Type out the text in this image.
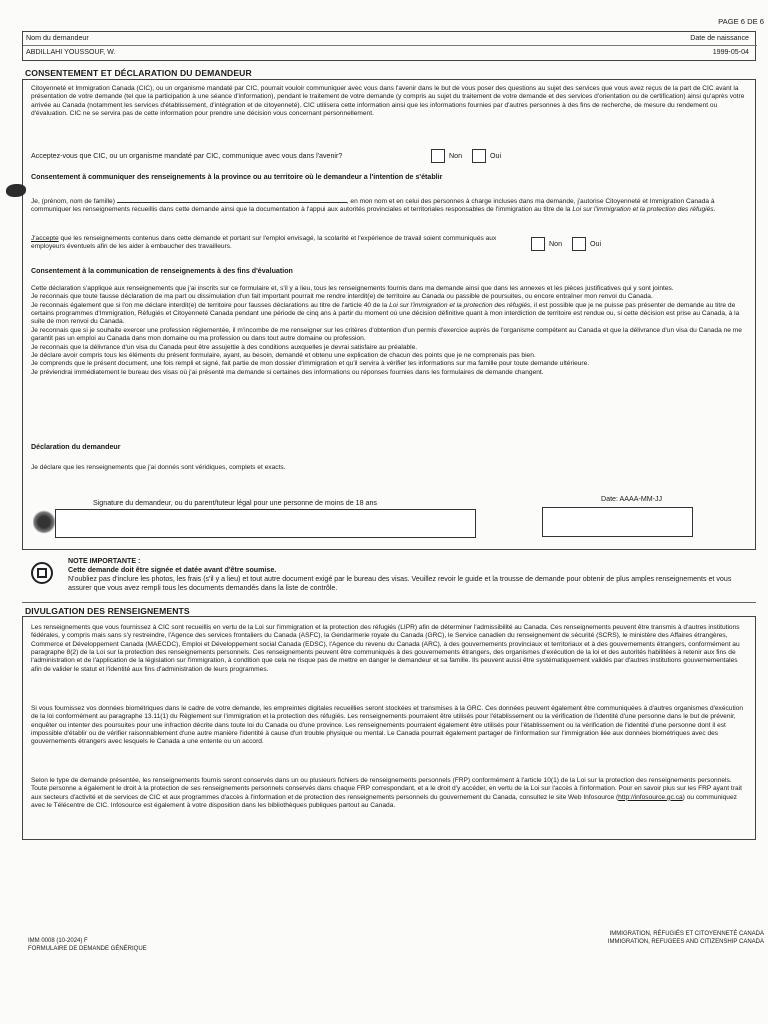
PAGE 6 DE 6
Nom du demandeur
ABDILLAHI YOUSSOUF, W.
Date de naissance
1999-05-04
CONSENTEMENT ET DÉCLARATION DU DEMANDEUR

Citoyenneté et Immigration Canada (CIC), ou un organisme mandaté par CIC, pourrait vouloir communiquer avec vous dans l'avenir dans le but de vous poser des questions au sujet des services que vous avez reçus de la part de CIC avant la présentation de votre demande (tel que la participation à une séance d'information), pendant le traitement de votre demande (y compris au sujet du traitement de votre demande et des services d'orientation ou de certification) ainsi qu'après votre arrivée au Canada (notamment les services d'établissement, d'intégration et de citoyenneté). CIC utilisera cette information ainsi que les informations fournies par d'autres personnes à des fins de recherche, de mesure du rendement ou d'évaluation. CIC ne se servira pas de cette information pour prendre une décision vous concernant personnellement.

Acceptez-vous que CIC, ou un organisme mandaté par CIC, communique avec vous dans l'avenir?	Non	Oui
Consentement à communiquer des renseignements à la province ou au territoire où le demandeur a l'intention de s'établir

Je, (prénom, nom de famille)	, en mon nom et en celui des personnes à charge incluses dans ma demande, j'autorise Citoyenneté et Immigration Canada à communiquer les renseignements recueillis dans cette demande ainsi que la documentation à l'appui aux autorités provinciales et territoriales responsables de l'immigration au titre de la Loi sur l'immigration et la protection des réfugiés.

J'accepte que les renseignements contenus dans cette demande et portant sur l'emploi envisagé, la scolarité et l'expérience de travail soient communiqués aux employeurs éventuels afin de les aider à embaucher des travailleurs.	Non	Oui
Consentement à la communication de renseignements à des fins d'évaluation

Cette déclaration s'applique aux renseignements que j'ai inscrits sur ce formulaire et, s'il y a lieu, tous les renseignements fournis dans ma demande ainsi que dans les annexes et les pièces justificatives qui y sont jointes.

Je reconnais que toute fausse déclaration de ma part ou dissimulation d'un fait important pourrait me rendre interdit(e) de territoire au Canada ou passible de poursuites, ou encore entraîner mon renvoi du Canada.

Je reconnais également que si l'on me déclare interdit(e) de territoire pour fausses déclarations au titre de l'article 40 de la Loi sur l'immigration et la protection des réfugiés, il est possible que je ne puisse pas présenter de demande au titre de certains programmes d'Immigration, Réfugiés et Citoyenneté Canada pendant une période de cinq ans à partir du moment où une décision définitive quant à mon interdiction de territoire est rendue ou, si cette décision est prise au Canada, à la suite de mon renvoi du Canada.

Je reconnais que si je souhaite exercer une profession réglementée, il m'incombe de me renseigner sur les critères d'obtention d'un permis d'exercice auprès de l'organisme compétent au Canada et que la délivrance d'un visa du Canada ne me garantit pas un emploi au Canada dans mon domaine ou ma profession ou dans tout autre domaine ou profession.

Je reconnais que la délivrance d'un visa du Canada peut être assujettie à des conditions auxquelles je devrai satisfaire au préalable.

Je déclare avoir compris tous les éléments du présent formulaire, ayant, au besoin, demandé et obtenu une explication de chacun des points que je ne comprenais pas bien.

Je comprends que le présent document, une fois rempli et signé, fait partie de mon dossier d'immigration et qu'il servira à vérifier les informations sur ma famille pour toute demande ultérieure.

Je préviendrai immédiatement le bureau des visas où j'ai présenté ma demande si certaines des informations ou réponses fournies dans les formulaires de demande changent.

Déclaration du demandeur
Je déclare que les renseignements que j'ai donnés sont véridiques, complets et exacts.
Signature du demandeur, ou du parent/tuteur légal pour une personne de moins de 18 ans	Date: AAAA-MM-JJ
NOTE IMPORTANTE :
Cette demande doit être signée et datée avant d'être soumise.

N'oubliez pas d'inclure les photos, les frais (s'il y a lieu) et tout autre document exigé par le bureau des visas. Veuillez revoir le guide et la trousse de demande pour obtenir de plus amples renseignements et vous assurer que vous avez rempli tous les documents demandés dans la liste de contrôle.

DIVULGATION DES RENSEIGNEMENTS

Les renseignements que vous fournissez à CIC sont recueillis en vertu de la Loi sur l'immigration et la protection des réfugiés (LIPR) afin de déterminer l'admissibilité au Canada. Ces renseignements peuvent être transmis à d'autres institutions fédérales, y compris mais sans s'y restreindre, l'Agence des services frontaliers du Canada (ASFC), la Gendarmerie royale du Canada (GRC), le Service canadien du renseignement de sécurité (SCRS), le ministère des Affaires étrangères, Commerce et Développement Canada (MAECDC), Emploi et Développement social Canada (EDSC), l'Agence du revenu du Canada (ARC), à des gouvernements provinciaux et territoriaux et à des gouvernements étrangers, conformément au paragraphe 8(2) de la Loi sur la protection des renseignements personnels. Ces renseignements peuvent être communiqués à des gouvernements étrangers, des organismes d'exécution de la loi et des autorités habilitées à retenir aux fins de l'administration et de l'application de la législation sur l'immigration, à condition que cela ne risque pas de mettre en danger le demandeur et sa famille. Ils peuvent aussi être systématiquement validés par d'autres institutions gouvernementales afin de valider le statut et l'identité aux fins d'administration de leurs programmes.

Si vous fournissez vos données biométriques dans le cadre de votre demande, les empreintes digitales recueillies seront stockées et transmises à la GRC. Ces données peuvent également être communiquées à d'autres organismes d'exécution de la loi conformément au paragraphe 13.11(1) du Règlement sur l'immigration et la protection des réfugiés. Les renseignements pourraient être utilisés pour l'établissement ou la vérification de l'identité d'une personne dans le but de prévenir, enquêter ou intenter des poursuites pour une infraction décrite dans toute loi du Canada ou d'une province. Les renseignements pourraient également être utilisés pour l'établissement ou la vérification de l'identité d'une personne dont il est impossible d'établir ou de vérifier raisonnablement d'une autre manière l'identité à cause d'un trouble physique ou mental. Le Canada pourrait également partager de l'information sur l'immigration liée aux données biométriques avec des gouvernements étrangers avec lesquels le Canada a une entente ou un accord.

Selon le type de demande présentée, les renseignements fournis seront conservés dans un ou plusieurs fichiers de renseignements personnels (FRP) conformément à l'article 10(1) de la Loi sur la protection des renseignements personnels. Toute personne a également le droit à la protection de ses renseignements personnels conservés dans chaque FRP correspondant, et a le droit d'y accéder, en vertu de la Loi sur l'accès à l'information. Pour en savoir plus sur les FRP ayant trait aux secteurs d'activité et de services de CIC et aux programmes d'accès à l'information et de protection des renseignements personnels du gouvernement du Canada, consultez le site Web Infosource (http://infosource.gc.ca) ou communiquez avec le Télécentre de CIC. Infosource est également à votre disposition dans les bibliothèques publiques partout au Canada.

IMM 0008 (10-2024) F
FORMULAIRE DE DEMANDE GÉNÉRIQUE
IMMIGRATION, RÉFUGIÉS ET CITOYENNETÉ CANADA
IMMIGRATION, REFUGEES AND CITIZENSHIP CANADA
